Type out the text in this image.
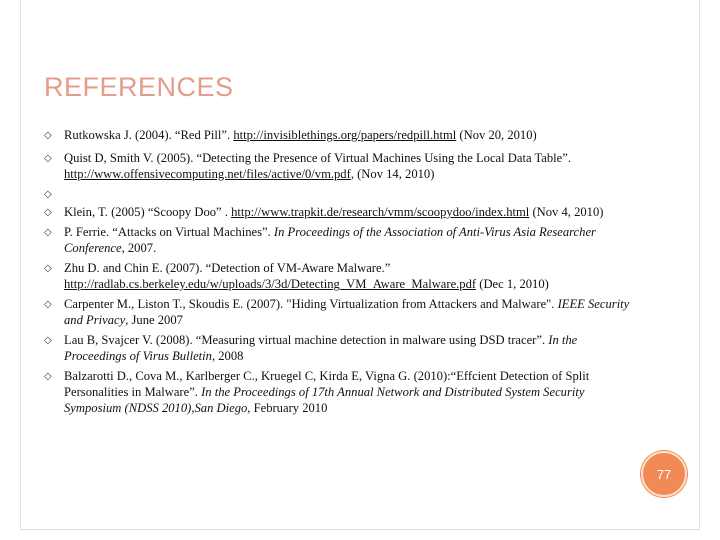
REFERENCES
◇ Rutkowska J. (2004). “Red Pill”. http://invisiblethings.org/papers/redpill.html (Nov 20, 2010)
◇ Quist D, Smith V. (2005). “Detecting the Presence of Virtual Machines Using the Local Data Table”. http://www.offensivecomputing.net/files/active/0/vm.pdf, (Nov 14, 2010)
◇
◇ Klein, T. (2005) “Scoopy Doo” . http://www.trapkit.de/research/vmm/scoopydoo/index.html (Nov 4, 2010)
◇ P. Ferrie. “Attacks on Virtual Machines”. In Proceedings of the Association of Anti-Virus Asia Researcher Conference, 2007.
◇ Zhu D. and Chin E. (2007). “Detection of VM-Aware Malware.” http://radlab.cs.berkeley.edu/w/uploads/3/3d/Detecting_VM_Aware_Malware.pdf (Dec 1, 2010)
◇ Carpenter M., Liston T., Skoudis E. (2007). "Hiding Virtualization from Attackers and Malware". IEEE Security and Privacy, June 2007
◇ Lau B, Svajcer V. (2008). “Measuring virtual machine detection in malware using DSD tracer”. In the Proceedings of Virus Bulletin, 2008
◇ Balzarotti D., Cova M., Karlberger C., Kruegel C, Kirda E, Vigna G. (2010):“Effcient Detection of Split Personalities in Malware”. In the Proceedings of 17th Annual Network and Distributed System Security Symposium (NDSS 2010),San Diego, February 2010
77
